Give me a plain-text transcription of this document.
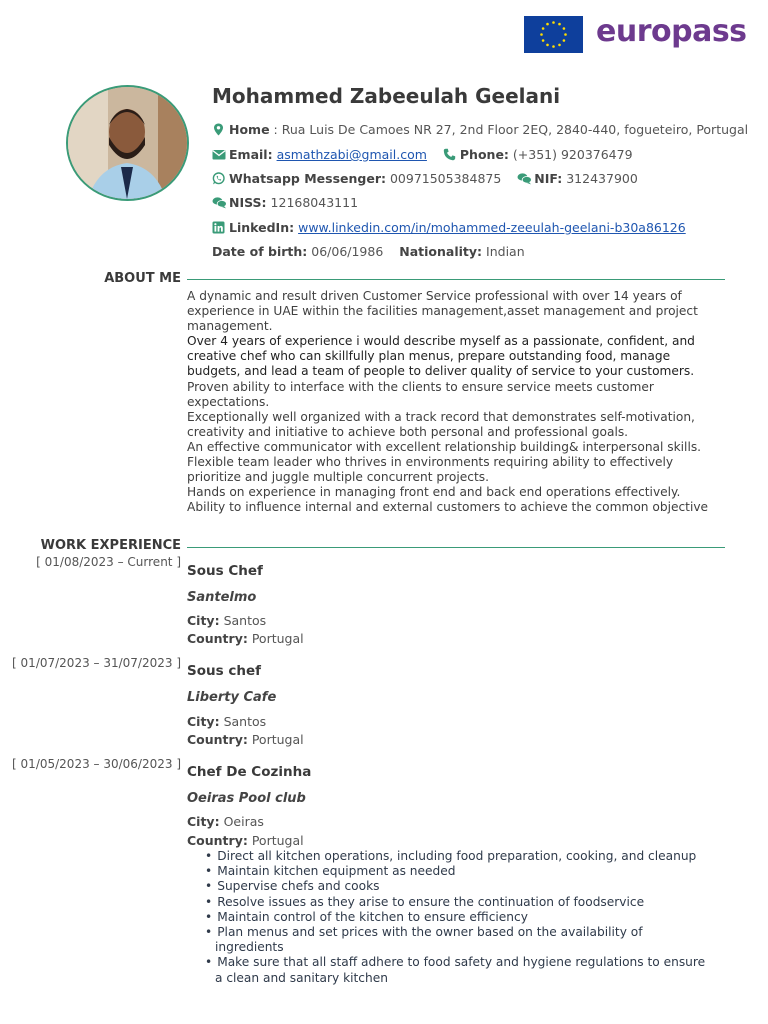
europass
Mohammed Zabeeulah Geelani
Home : Rua Luis De Camoes NR 27, 2nd Floor 2EQ, 2840-440, fogueteiro, Portugal
Email: asmathzabi@gmail.com	Phone: (+351) 920376479
Whatsapp Messenger: 00971505384875	NIF: 312437900
NISS: 12168043111
LinkedIn: www.linkedin.com/in/mohammed-zeeulah-geelani-b30a86126
Date of birth: 06/06/1986 Nationality: Indian
ABOUT ME
A dynamic and result driven Customer Service professional with over 14 years of experience in UAE within the facilities management,asset management and project management.
Over 4 years of experience i would describe myself as a passionate, confident, and creative chef who can skillfully plan menus, prepare outstanding food, manage budgets, and lead a team of people to deliver quality of service to your customers.
Proven ability to interface with the clients to ensure service meets customer expectations.
Exceptionally well organized with a track record that demonstrates self-motivation, creativity and initiative to achieve both personal and professional goals.
An effective communicator with excellent relationship building& interpersonal skills.
Flexible team leader who thrives in environments requiring ability to effectively prioritize and juggle multiple concurrent projects.
Hands on experience in managing front end and back end operations effectively.
Ability to influence internal and external customers to achieve the common objective
WORK EXPERIENCE
[ 01/08/2023 – Current ]
Sous Chef
Santelmo
City: Santos
Country: Portugal
[ 01/07/2023 – 31/07/2023 ] Sous chef
Liberty Cafe
City: Santos
Country: Portugal
[ 01/05/2023 – 30/06/2023 ] Chef De Cozinha
Oeiras Pool club
City: Oeiras
Country: Portugal
• Direct all kitchen operations, including food preparation, cooking, and cleanup
• Maintain kitchen equipment as needed
• Supervise chefs and cooks
• Resolve issues as they arise to ensure the continuation of foodservice
• Maintain control of the kitchen to ensure efficiency
• Plan menus and set prices with the owner based on the availability of ingredients
• Make sure that all staff adhere to food safety and hygiene regulations to ensure a clean and sanitary kitchen
